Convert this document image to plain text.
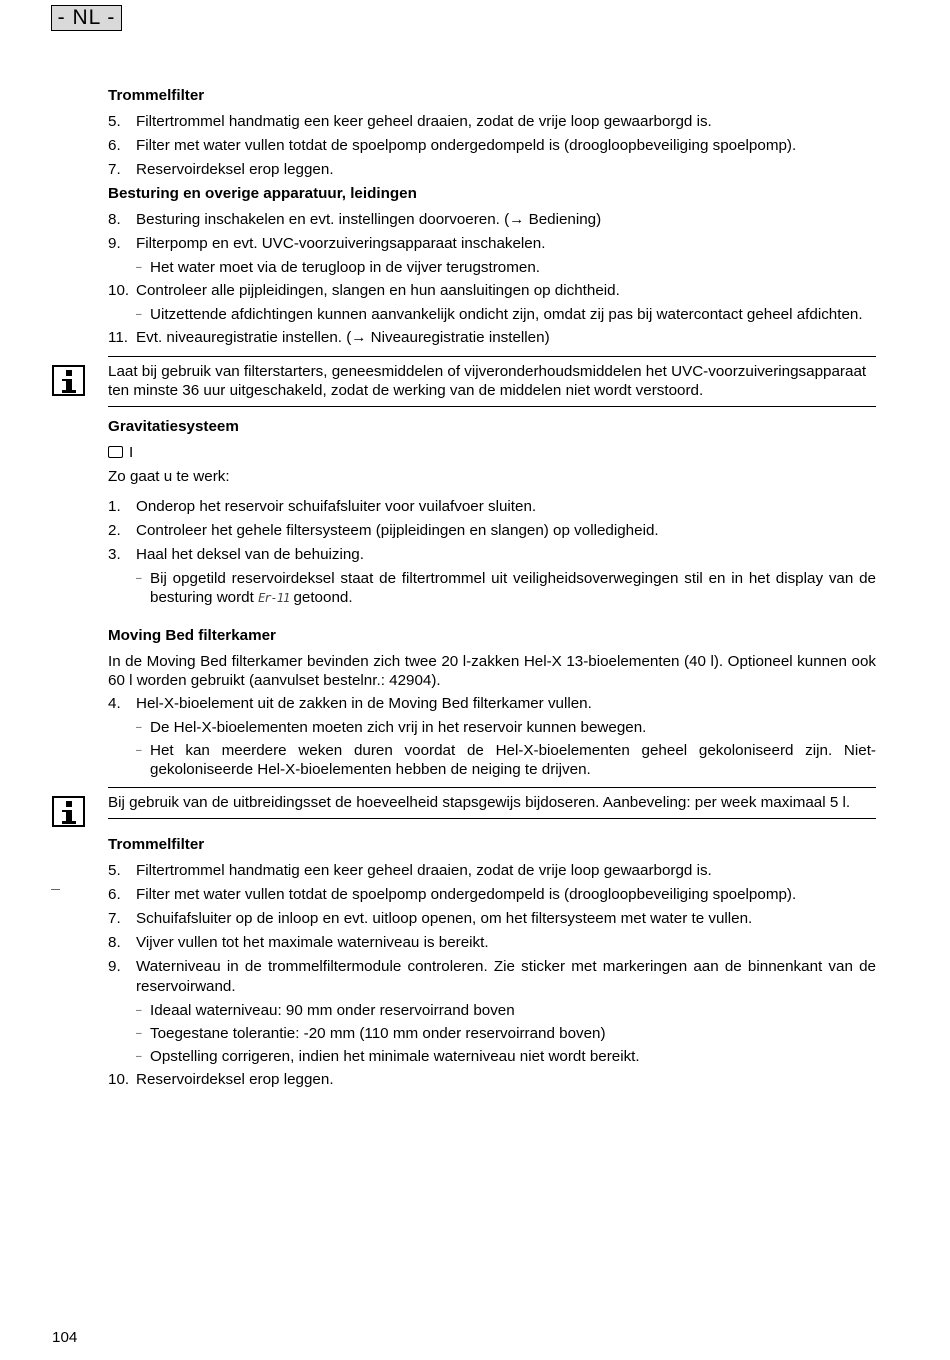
- NL -

Trommelfilter

5.	Filtertrommel handmatig een keer geheel draaien, zodat de vrije loop gewaarborgd is.
6.	Filter met water vullen totdat de spoelpomp ondergedompeld is (droogloopbeveiliging spoelpomp).
7.	Reservoirdeksel erop leggen.

Besturing en overige apparatuur, leidingen

8.	Besturing inschakelen en evt. instellingen doorvoeren. (→ Bediening)
9.	Filterpomp en evt. UVC-voorzuiveringsapparaat inschakelen.
– Het water moet via de terugloop in de vijver terugstromen.
10. Controleer alle pijpleidingen, slangen en hun aansluitingen op dichtheid.
– Uitzettende afdichtingen kunnen aanvankelijk ondicht zijn, omdat zij pas bij watercontact geheel afdichten.
11. Evt. niveauregistratie instellen. (→ Niveauregistratie instellen)
Laat bij gebruik van filterstarters, geneesmiddelen of vijveronderhoudsmiddelen het UVC-voorzuiveringsapparaat ten minste 36 uur uitgeschakeld, zodat de werking van de middelen niet wordt verstoord.

Gravitatiesysteem

I
Zo gaat u te werk:
1.	Onderop het reservoir schuifafsluiter voor vuilafvoer sluiten.
2.	Controleer het gehele filtersysteem (pijpleidingen en slangen) op volledigheid.
3.	Haal het deksel van de behuizing.
– Bij opgetild reservoirdeksel staat de filtertrommel uit veiligheidsoverwegingen stil en in het display van de besturing wordt Er-11 getoond.

Moving Bed filterkamer

In de Moving Bed filterkamer bevinden zich twee 20 l-zakken Hel-X 13-bioelementen (40 l). Optioneel kunnen ook 60 l worden gebruikt (aanvulset bestelnr.: 42904).
4.	Hel-X-bioelement uit de zakken in de Moving Bed filterkamer vullen.
– De Hel-X-bioelementen moeten zich vrij in het reservoir kunnen bewegen.
– Het kan meerdere weken duren voordat de Hel-X-bioelementen geheel gekoloniseerd zijn. Niet-gekoloniseerde Hel-X-bioelementen hebben de neiging te drijven.
Bij gebruik van de uitbreidingsset de hoeveelheid stapsgewijs bijdoseren. Aanbeveling: per week maximaal 5 l.

Trommelfilter

5.	Filtertrommel handmatig een keer geheel draaien, zodat de vrije loop gewaarborgd is.
6.	Filter met water vullen totdat de spoelpomp ondergedompeld is (droogloopbeveiliging spoelpomp).
7.	Schuifafsluiter op de inloop en evt. uitloop openen, om het filtersysteem met water te vullen.
8.	Vijver vullen tot het maximale waterniveau is bereikt.
9.	Waterniveau in de trommelfiltermodule controleren. Zie sticker met markeringen aan de binnenkant van de reservoirwand.
– Ideaal waterniveau: 90 mm onder reservoirrand boven
– Toegestane tolerantie: -20 mm (110 mm onder reservoirrand boven)
– Opstelling corrigeren, indien het minimale waterniveau niet wordt bereikt.
10. Reservoirdeksel erop leggen.
104
